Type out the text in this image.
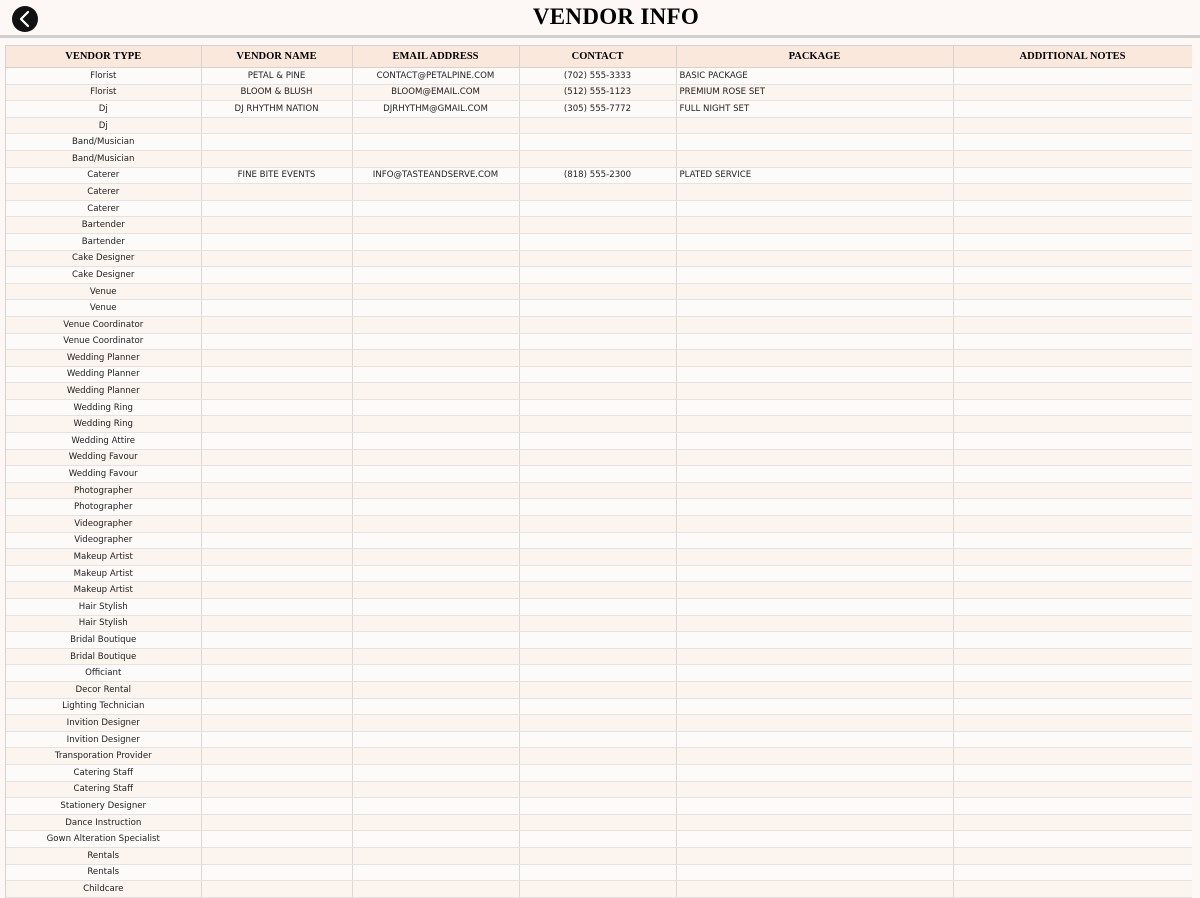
VENDOR INFO
VENDOR TYPE	VENDOR NAME	EMAIL ADDRESS	CONTACT	PACKAGE	ADDITIONAL NOTES
Florist	PETAL & PINE	CONTACT@PETALPINE.COM	(702) 555-3333	BASIC PACKAGE	
Florist	BLOOM & BLUSH	BLOOM@EMAIL.COM	(512) 555-1123	PREMIUM ROSE SET	
Dj	DJ RHYTHM NATION	DJRHYTHM@GMAIL.COM	(305) 555-7772	FULL NIGHT SET	
Dj					
Band/Musician					
Band/Musician					
Caterer	FINE BITE EVENTS	INFO@TASTEANDSERVE.COM	(818) 555-2300	PLATED SERVICE	
Caterer					
Caterer					
Bartender					
Bartender					
Cake Designer					
Cake Designer					
Venue					
Venue					
Venue Coordinator					
Venue Coordinator					
Wedding Planner					
Wedding Planner					
Wedding Planner					
Wedding Ring					
Wedding Ring					
Wedding Attire					
Wedding Favour					
Wedding Favour					
Photographer					
Photographer					
Videographer					
Videographer					
Makeup Artist					
Makeup Artist					
Makeup Artist					
Hair Stylish					
Hair Stylish					
Bridal Boutique					
Bridal Boutique					
Officiant					
Decor Rental					
Lighting Technician					
Invition Designer					
Invition Designer					
Transporation Provider					
Catering Staff					
Catering Staff					
Stationery Designer					
Dance Instruction					
Gown Alteration Specialist					
Rentals					
Rentals					
Childcare					
